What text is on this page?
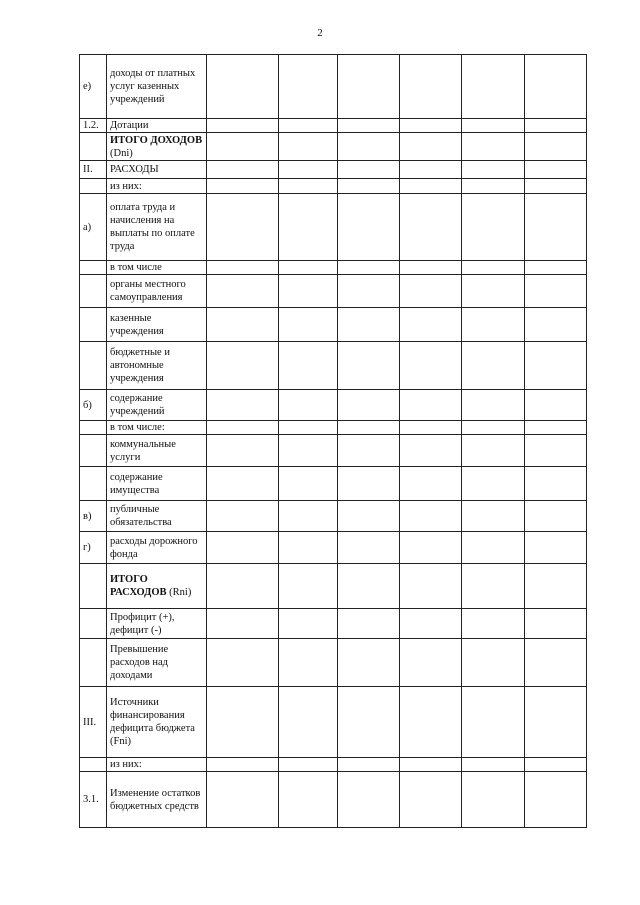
2
е)	доходы от платных услуг казенных учреждений						
1.2.	Дотации						
	ИТОГО ДОХОДОВ (Dni)						
II.	РАСХОДЫ						
	из них:						
а)	оплата труда и начисления на выплаты по оплате труда						
	в том числе						
	органы местного самоуправления						
	казенные учреждения						
	бюджетные и автономные учреждения						
б)	содержание учреждений						
	в том числе:						
	коммунальные услуги						
	содержание имущества						
в)	публичные обязательства						
г)	расходы дорожного фонда						
	ИТОГО РАСХОДОВ (Rni)						
	Профицит (+), дефицит (-)						
	Превышение расходов над доходами						
III.	Источники финансирования дефицита бюджета (Fni)						
	из них:						
3.1.	Изменение остатков бюджетных средств						
